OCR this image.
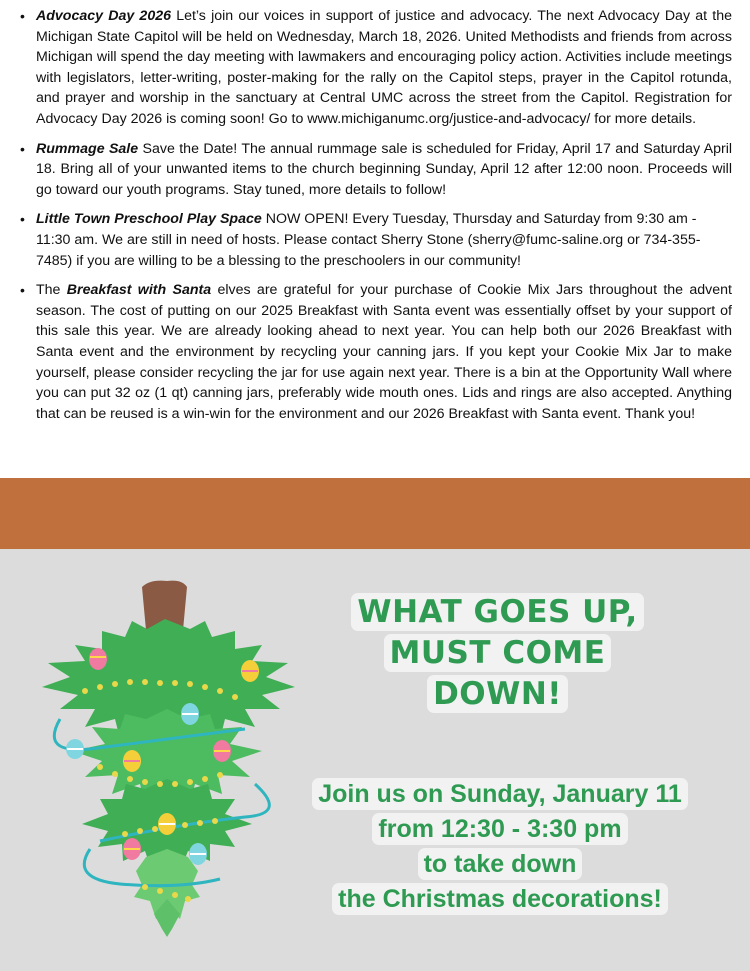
• Advocacy Day 2026 Let’s join our voices in support of justice and advocacy. The next Advocacy Day at the Michigan State Capitol will be held on Wednesday, March 18, 2026. United Methodists and friends from across Michigan will spend the day meeting with lawmakers and encouraging policy action. Activities include meetings with legislators, letter-writing, poster-making for the rally on the Capitol steps, prayer in the Capitol rotunda, and prayer and worship in the sanctuary at Central UMC across the street from the Capitol. Registration for Advocacy Day 2026 is coming soon! Go to www.michiganumc.org/justice-and-advocacy/ for more details.
• Rummage Sale Save the Date! The annual rummage sale is scheduled for Friday, April 17 and Saturday April 18. Bring all of your unwanted items to the church beginning Sunday, April 12 after 12:00 noon. Proceeds will go toward our youth programs. Stay tuned, more details to follow!
• Little Town Preschool Play Space NOW OPEN! Every Tuesday, Thursday and Saturday from 9:30 am - 11:30 am. We are still in need of hosts. Please contact Sherry Stone (sherry@fumc-saline.org or 734-355-7485) if you are willing to be a blessing to the preschoolers in our community!
• The Breakfast with Santa elves are grateful for your purchase of Cookie Mix Jars throughout the advent season. The cost of putting on our 2025 Breakfast with Santa event was essentially offset by your support of this sale this year. We are already looking ahead to next year. You can help both our 2026 Breakfast with Santa event and the environment by recycling your canning jars. If you kept your Cookie Mix Jar to make yourself, please consider recycling the jar for use again next year. There is a bin at the Opportunity Wall where you can put 32 oz (1 qt) canning jars, preferably wide mouth ones. Lids and rings are also accepted. Anything that can be reused is a win-win for the environment and our 2026 Breakfast with Santa event. Thank you!
WHAT GOES UP,
MUST COME
DOWN!
Join us on Sunday, January 11
from 12:30 - 3:30 pm
to take down
the Christmas decorations!
